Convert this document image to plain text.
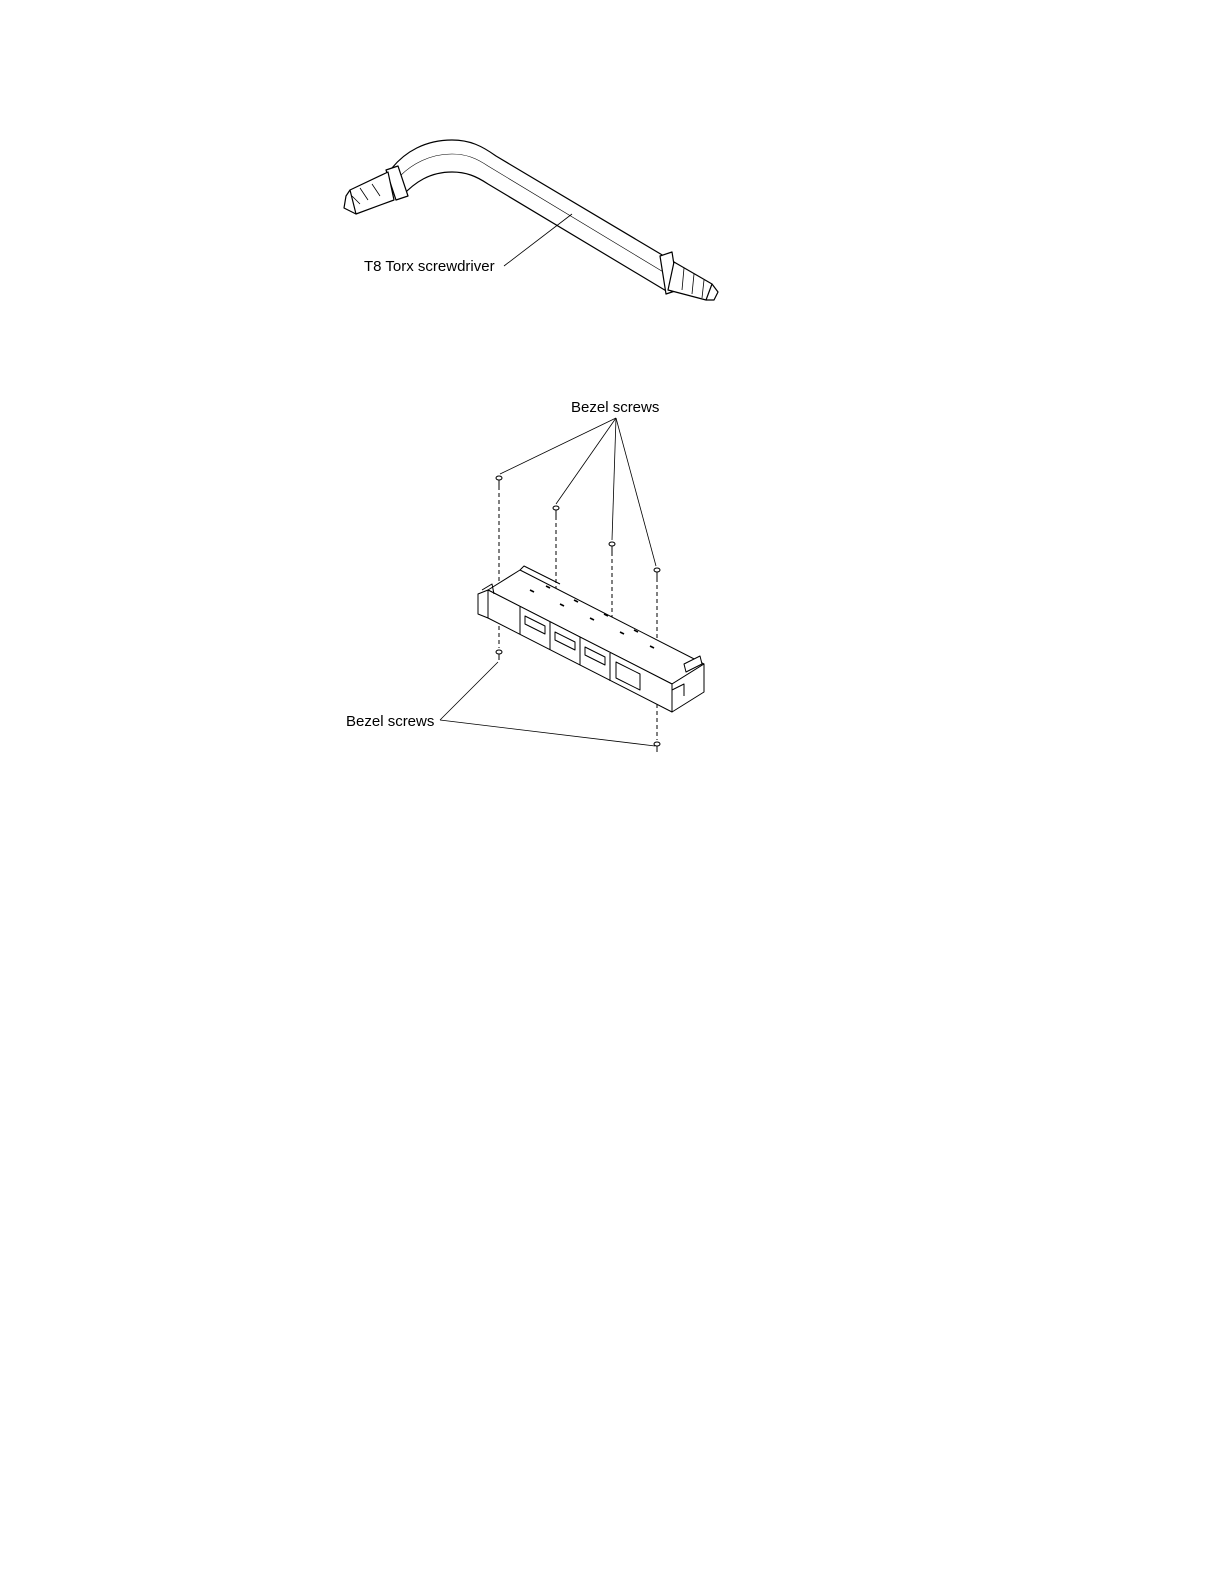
T8 Torx screwdriver
Bezel screws
Bezel screws
